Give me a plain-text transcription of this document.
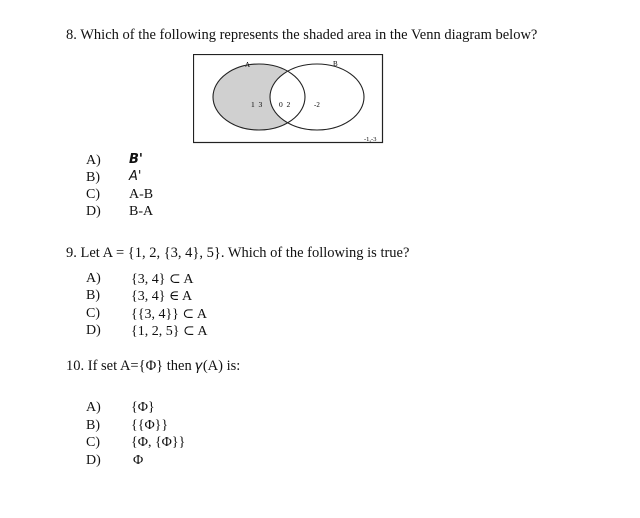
8. Which of the following represents the shaded area in the Venn diagram below?
A	B
1  3 0  2	-2
-1,-3
A) B'
B) A'
C) A-B
D) B-A
9. Let A = {1, 2, {3, 4}, 5}. Which of the following is true?
A) {3, 4} ⊂ A
B) {3, 4} ∈ A
C) {{3, 4}} ⊂ A
D) {1, 2, 5} ⊂ A
10. If set A={Φ} then 𝛾(A) is:
A) {Φ}
B) {{Φ}}
C) {Φ, {Φ}}
D) Φ
